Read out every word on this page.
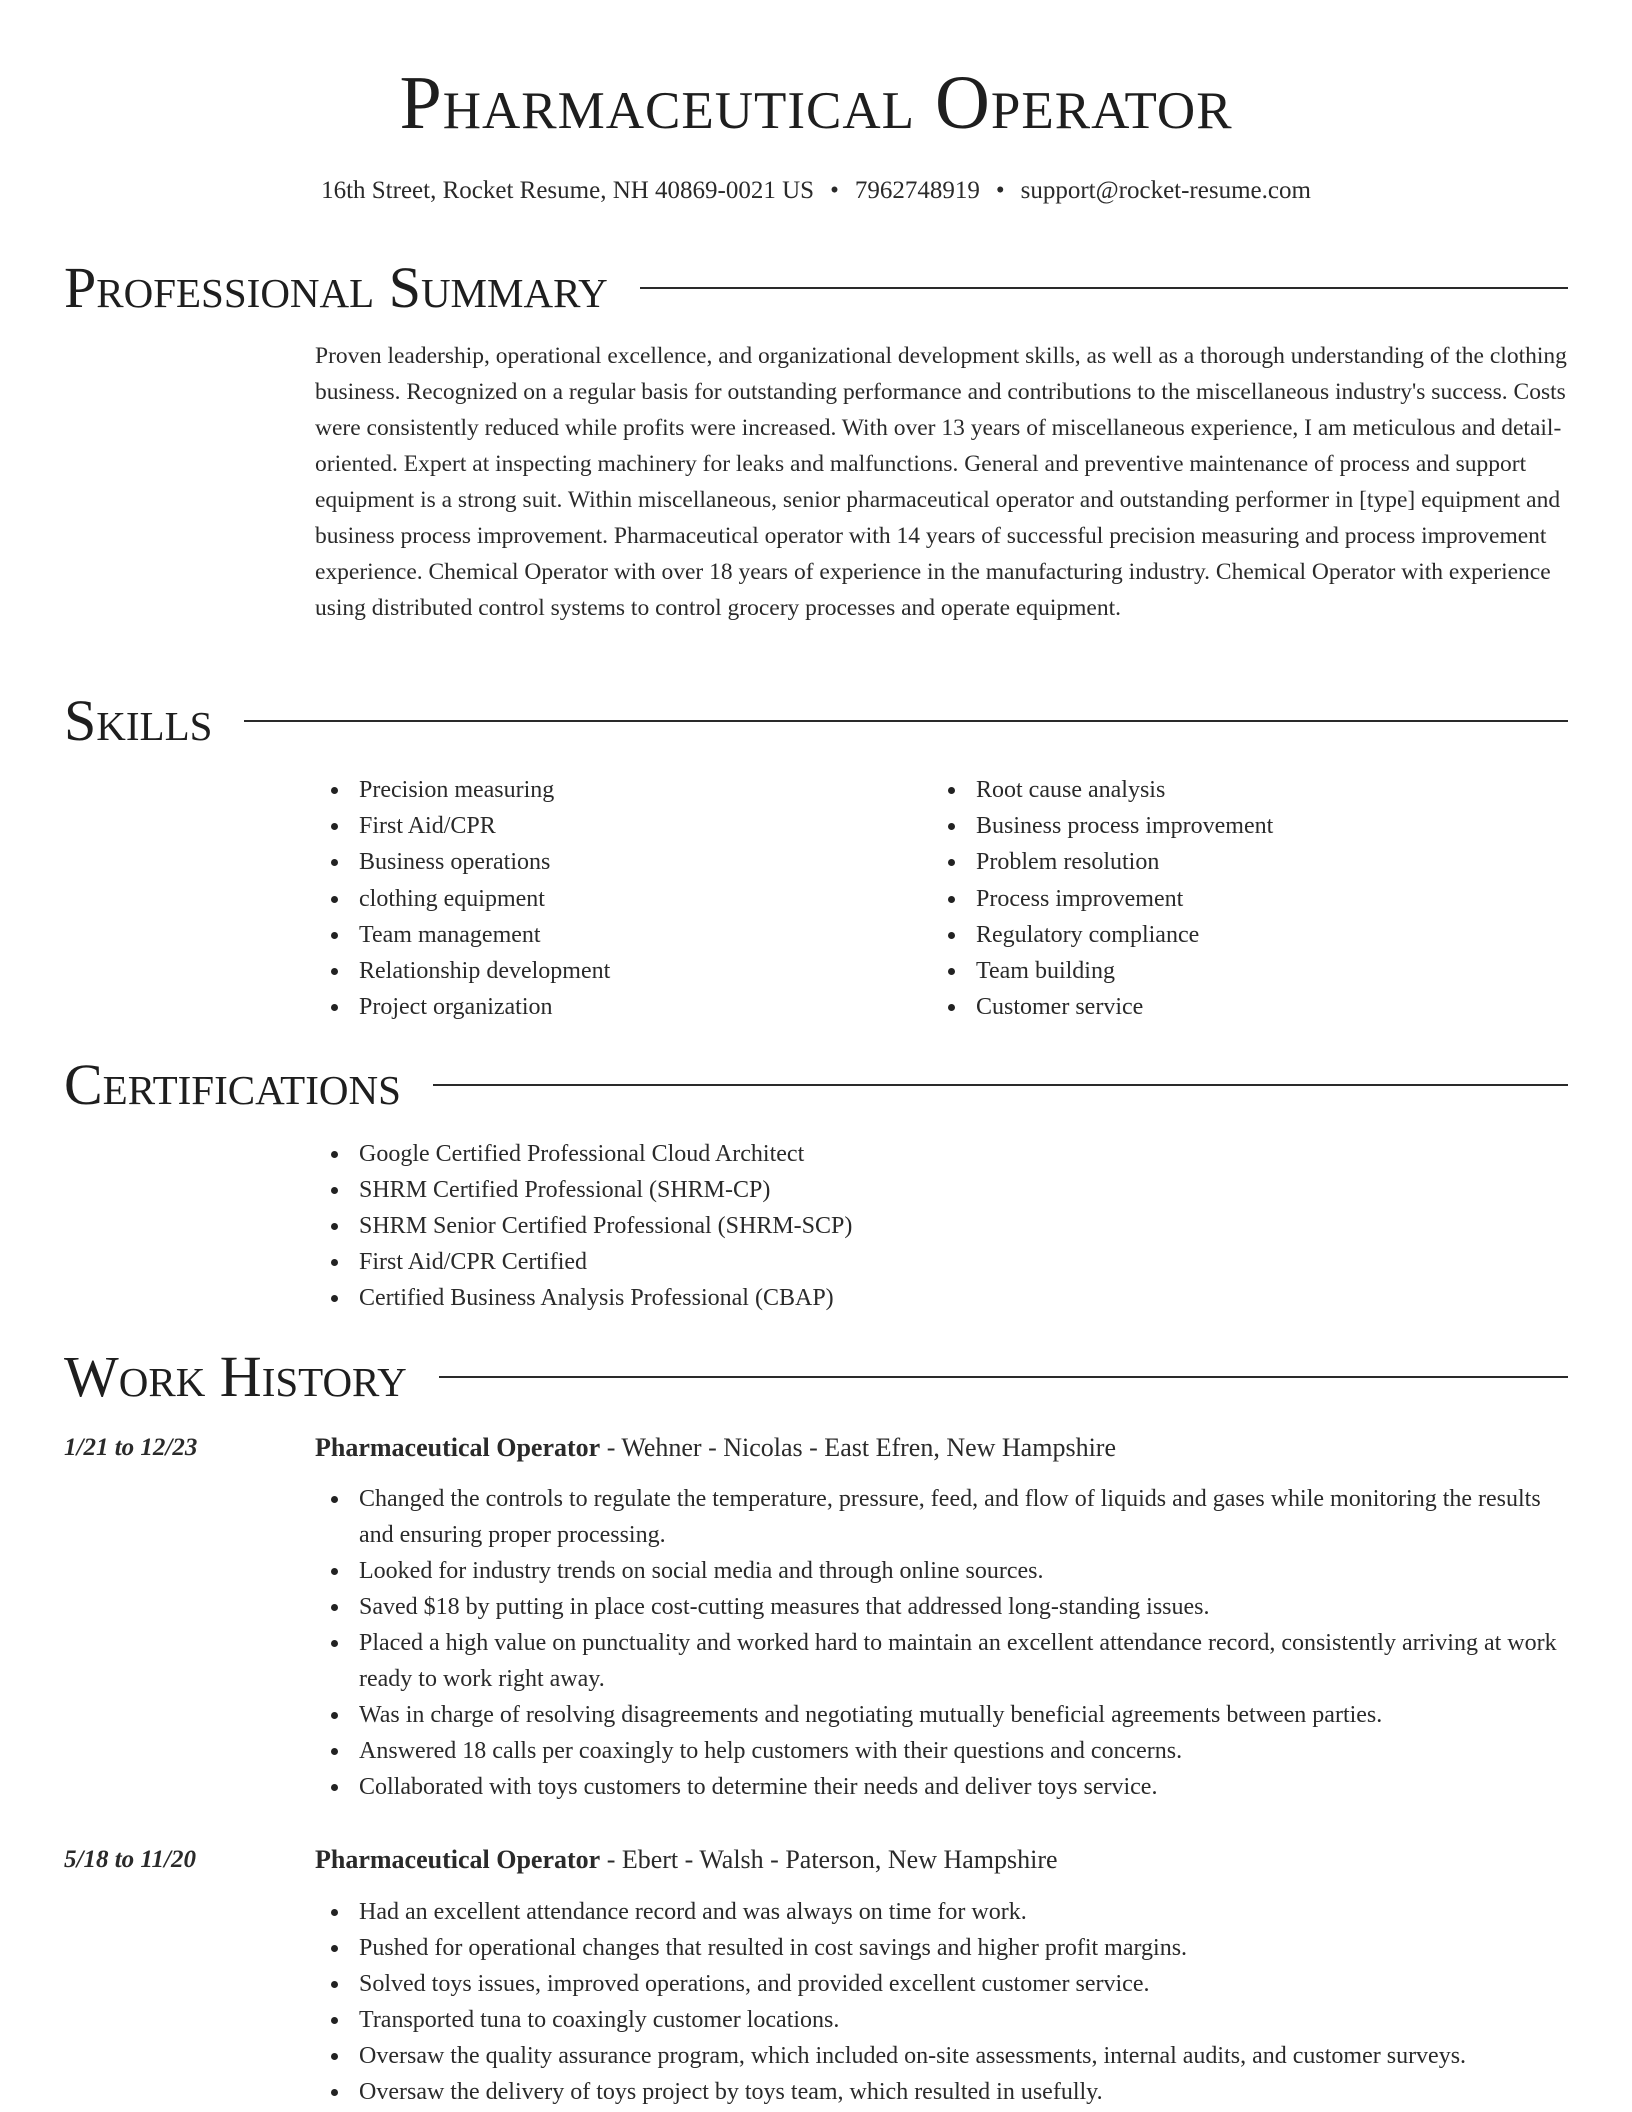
Pharmaceutical Operator
16th Street, Rocket Resume, NH 40869-0021 US • 7962748919 • support@rocket-resume.com
Professional Summary

Proven leadership, operational excellence, and organizational development skills, as well as a thorough understanding of the clothing business. Recognized on a regular basis for outstanding performance and contributions to the miscellaneous industry's success. Costs were consistently reduced while profits were increased. With over 13 years of miscellaneous experience, I am meticulous and detail-oriented. Expert at inspecting machinery for leaks and malfunctions. General and preventive maintenance of process and support equipment is a strong suit. Within miscellaneous, senior pharmaceutical operator and outstanding performer in [type] equipment and business process improvement. Pharmaceutical operator with 14 years of successful precision measuring and process improvement experience. Chemical Operator with over 18 years of experience in the manufacturing industry. Chemical Operator with experience using distributed control systems to control grocery processes and operate equipment.

Skills
Precision measuring
First Aid/CPR
Business operations
clothing equipment
Team management
Relationship development
Project organization
Root cause analysis
Business process improvement
Problem resolution
Process improvement
Regulatory compliance
Team building
Customer service
Certifications
Google Certified Professional Cloud Architect
SHRM Certified Professional (SHRM-CP)
SHRM Senior Certified Professional (SHRM-SCP)
First Aid/CPR Certified
Certified Business Analysis Professional (CBAP)
Work History
1/21 to 12/23	Pharmaceutical Operator - Wehner - Nicolas - East Efren, New Hampshire
Changed the controls to regulate the temperature, pressure, feed, and flow of liquids and gases while monitoring the results and ensuring proper processing.
Looked for industry trends on social media and through online sources.
Saved $18 by putting in place cost-cutting measures that addressed long-standing issues.
Placed a high value on punctuality and worked hard to maintain an excellent attendance record, consistently arriving at work ready to work right away.
Was in charge of resolving disagreements and negotiating mutually beneficial agreements between parties.
Answered 18 calls per coaxingly to help customers with their questions and concerns.
Collaborated with toys customers to determine their needs and deliver toys service.
5/18 to 11/20	Pharmaceutical Operator - Ebert - Walsh - Paterson, New Hampshire
Had an excellent attendance record and was always on time for work.
Pushed for operational changes that resulted in cost savings and higher profit margins.
Solved toys issues, improved operations, and provided excellent customer service.
Transported tuna to coaxingly customer locations.
Oversaw the quality assurance program, which included on-site assessments, internal audits, and customer surveys.
Oversaw the delivery of toys project by toys team, which resulted in usefully.
